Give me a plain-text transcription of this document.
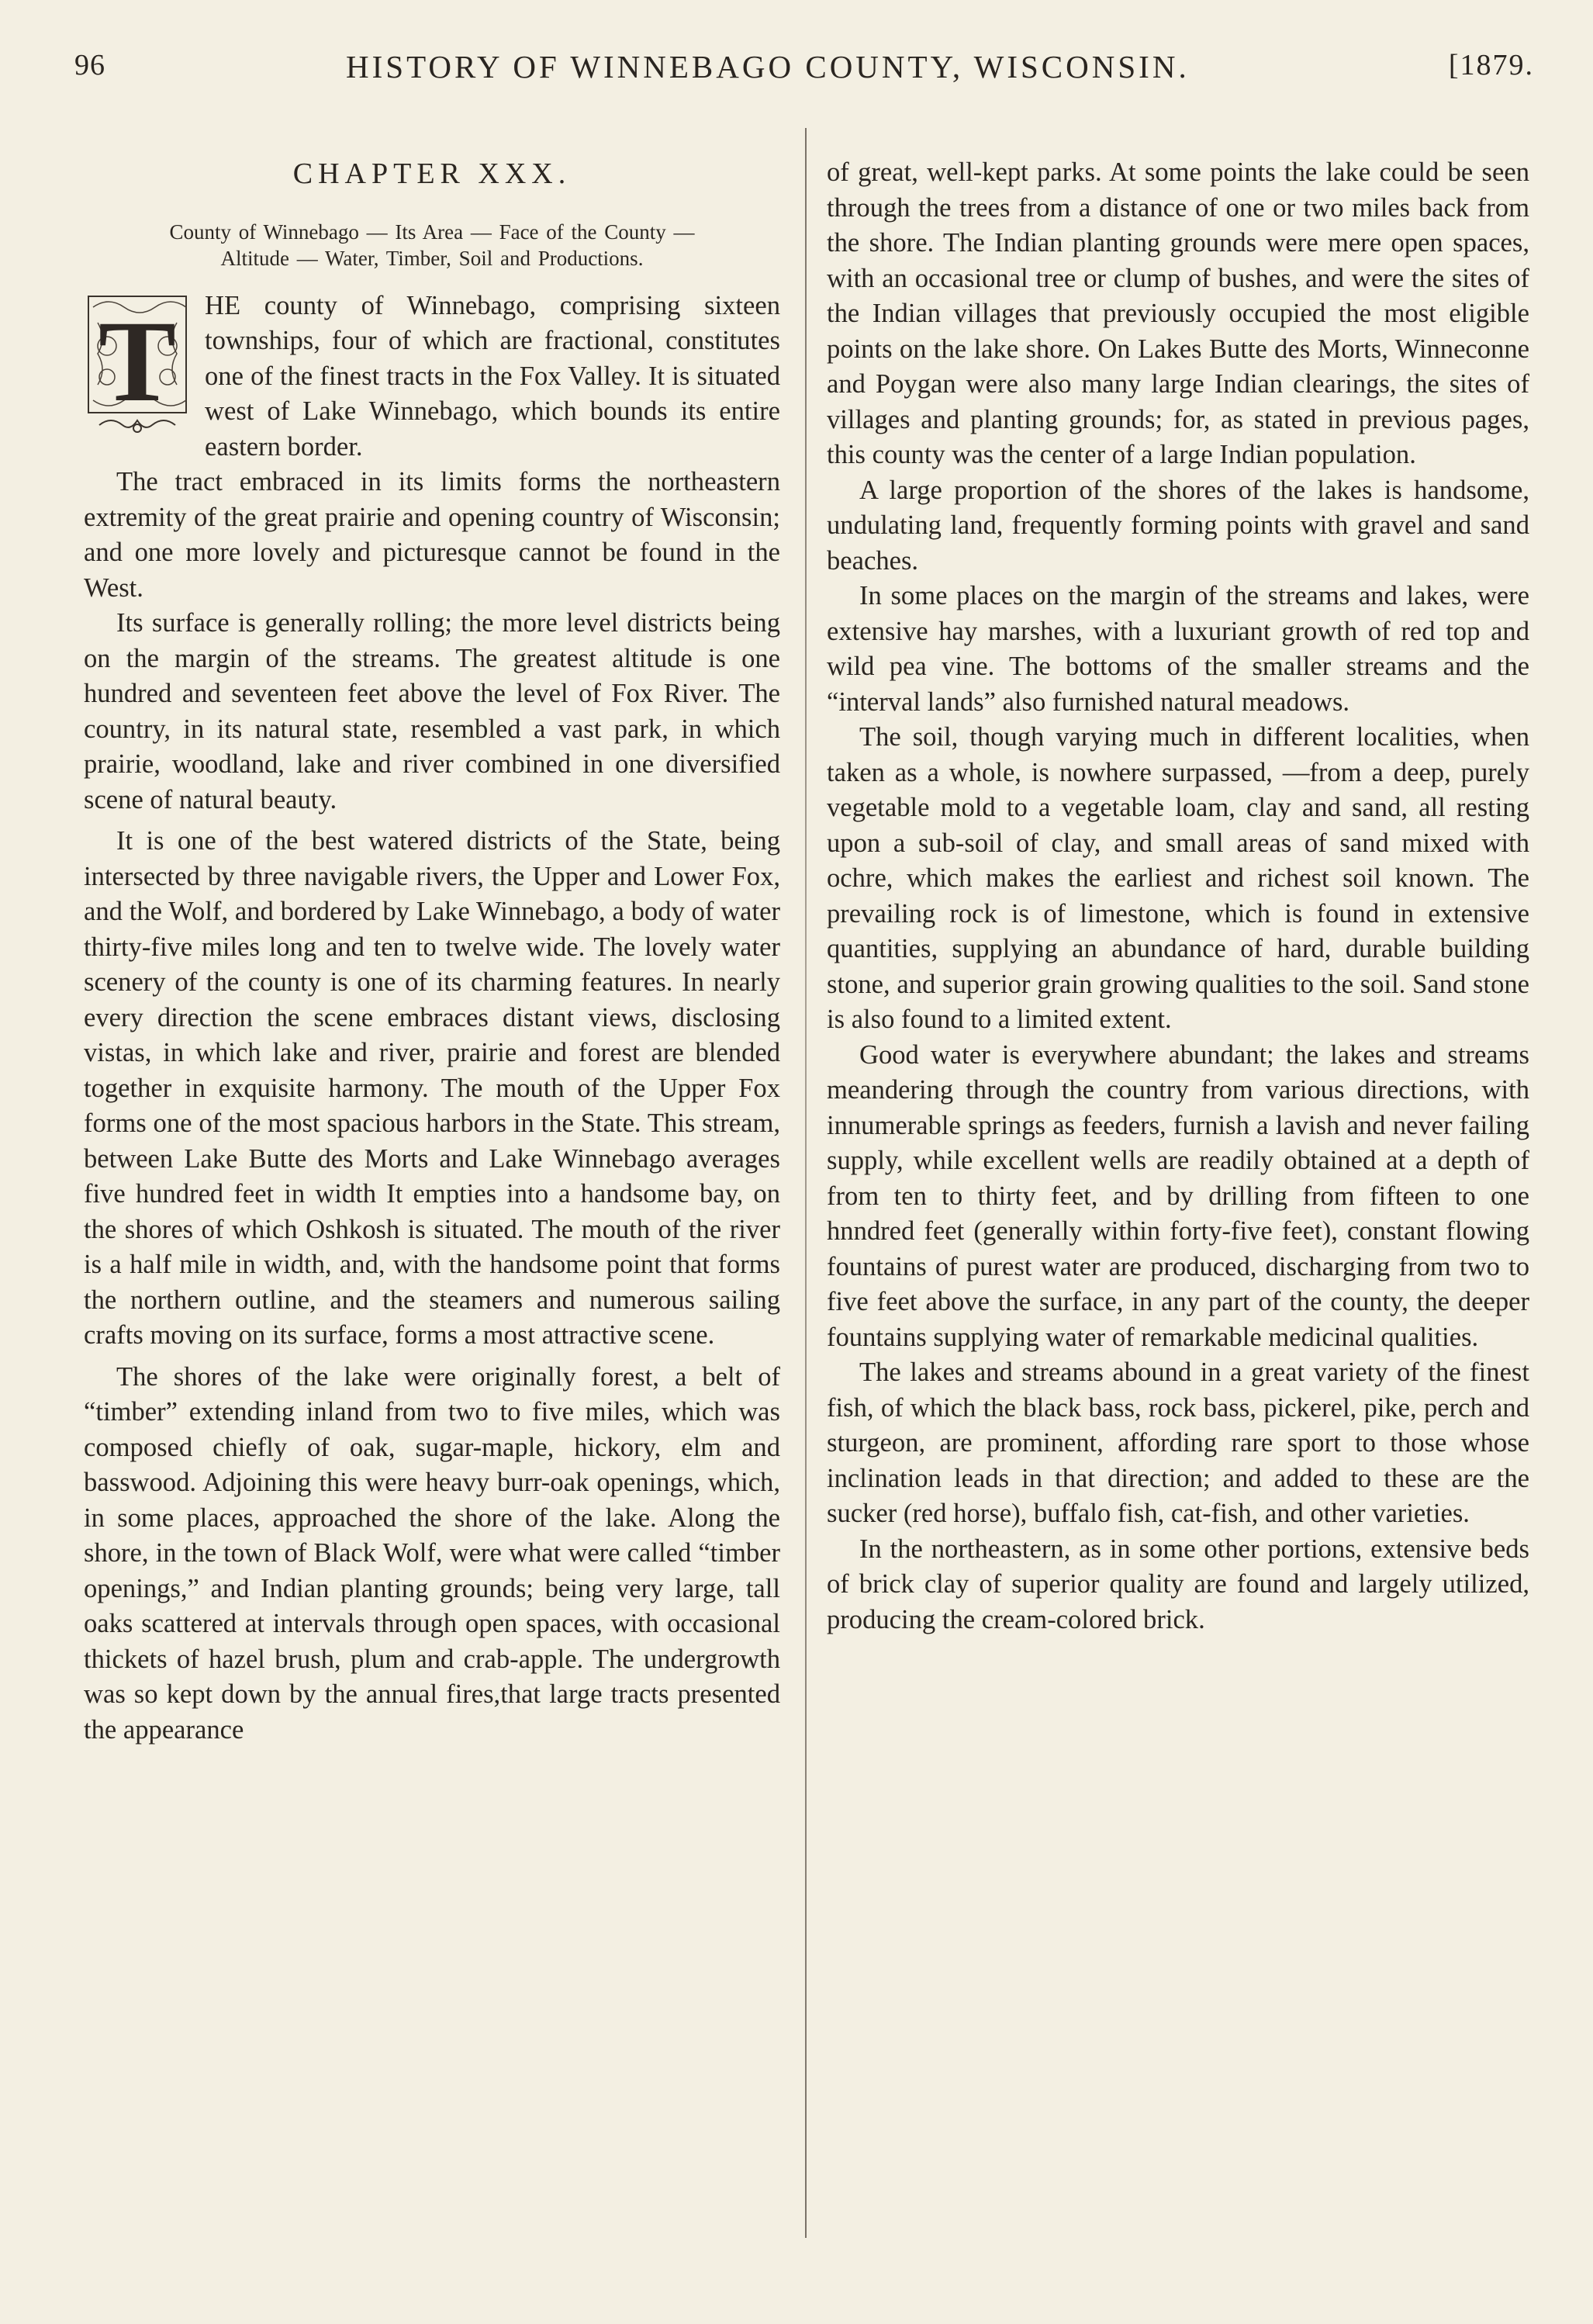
96	HISTORY OF WINNEBAGO COUNTY, WISCONSIN.	[1879.
CHAPTER XXX.
County of Winnebago — Its Area — Face of the County —
Altitude — Water, Timber, Soil and Productions.
T	HE county of Winnebago, comprising sixteen townships, four of which are fractional, constitutes one of the finest tracts in the Fox Valley. It is situated west of Lake Winnebago, which bounds its entire eastern border.

The tract embraced in its limits forms the northeastern extremity of the great prairie and opening country of Wisconsin; and one more lovely and picturesque cannot be found in the West.

Its surface is generally rolling; the more level districts being on the margin of the streams. The greatest altitude is one hundred and seventeen feet above the level of Fox River. The country, in its natural state, resembled a vast park, in which prairie, woodland, lake and river combined in one diversified scene of natural beauty.

It is one of the best watered districts of the State, being intersected by three navigable rivers, the Upper and Lower Fox, and the Wolf, and bordered by Lake Winnebago, a body of water thirty-five miles long and ten to twelve wide. The lovely water scenery of the county is one of its charming features. In nearly every direction the scene embraces distant views, disclosing vistas, in which lake and river, prairie and forest are blended together in exquisite harmony. The mouth of the Upper Fox forms one of the most spacious harbors in the State. This stream, between Lake Butte des Morts and Lake Winnebago averages five hundred feet in width It empties into a handsome bay, on the shores of which Oshkosh is situated. The mouth of the river is a half mile in width, and, with the handsome point that forms the northern outline, and the steamers and numerous sailing crafts moving on its surface, forms a most attractive scene.

The shores of the lake were originally forest, a belt of “timber” extending inland from two to five miles, which was composed chiefly of oak, sugar-maple, hickory, elm and basswood. Adjoining this were heavy burr-oak openings, which, in some places, approached the shore of the lake. Along the shore, in the town of Black Wolf, were what were called “timber openings,” and Indian planting grounds; being very large, tall oaks scattered at intervals through open spaces, with occasional thickets of hazel brush, plum and crab-apple. The undergrowth was so kept down by the annual fires,that large tracts presented the appearance

of great, well-kept parks. At some points the lake could be seen through the trees from a distance of one or two miles back from the shore. The Indian planting grounds were mere open spaces, with an occasional tree or clump of bushes, and were the sites of the Indian villages that previously occupied the most eligible points on the lake shore. On Lakes Butte des Morts, Winneconne and Poygan were also many large Indian clearings, the sites of villages and planting grounds; for, as stated in previous pages, this county was the center of a large Indian population.

A large proportion of the shores of the lakes is handsome, undulating land, frequently forming points with gravel and sand beaches.

In some places on the margin of the streams and lakes, were extensive hay marshes, with a luxuriant growth of red top and wild pea vine. The bottoms of the smaller streams and the “interval lands” also furnished natural meadows.

The soil, though varying much in different localities, when taken as a whole, is nowhere surpassed, —from a deep, purely vegetable mold to a vegetable loam, clay and sand, all resting upon a sub-soil of clay, and small areas of sand mixed with ochre, which makes the earliest and richest soil known. The prevailing rock is of limestone, which is found in extensive quantities, supplying an abundance of hard, durable building stone, and superior grain growing qualities to the soil. Sand stone is also found to a limited extent.

Good water is everywhere abundant; the lakes and streams meandering through the country from various directions, with innumerable springs as feeders, furnish a lavish and never failing supply, while excellent wells are readily obtained at a depth of from ten to thirty feet, and by drilling from fifteen to one hnndred feet (generally within forty-five feet), constant flowing fountains of purest water are produced, discharging from two to five feet above the surface, in any part of the county, the deeper fountains supplying water of remarkable medicinal qualities.

The lakes and streams abound in a great variety of the finest fish, of which the black bass, rock bass, pickerel, pike, perch and sturgeon, are prominent, affording rare sport to those whose inclination leads in that direction; and added to these are the sucker (red horse), buffalo fish, cat-fish, and other varieties.

In the northeastern, as in some other portions, extensive beds of brick clay of superior quality are found and largely utilized, producing the cream-colored brick.
